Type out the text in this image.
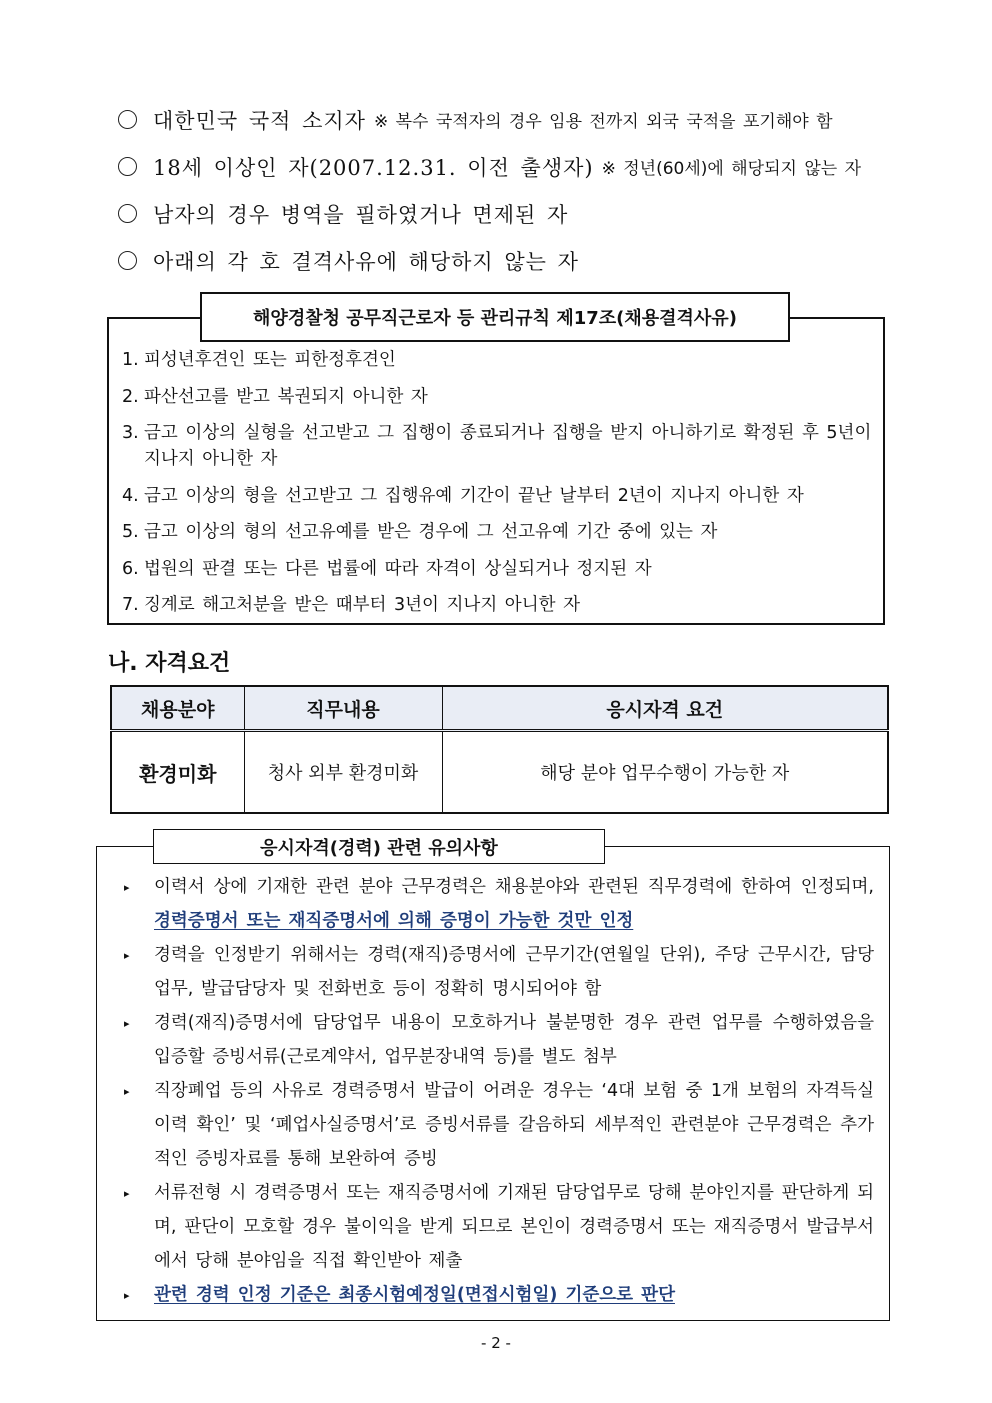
대한민국 국적 소지자 ※ 복수 국적자의 경우 임용 전까지 외국 국적을 포기해야 함
18세 이상인 자(2007.12.31. 이전 출생자) ※ 정년(60세)에 해당되지 않는 자
남자의 경우 병역을 필하였거나 면제된 자
아래의 각 호 결격사유에 해당하지 않는 자
해양경찰청 공무직근로자 등 관리규칙 제17조(채용결격사유)
1. 피성년후견인 또는 피한정후견인
2. 파산선고를 받고 복권되지 아니한 자
3. 금고 이상의 실형을 선고받고 그 집행이 종료되거나 집행을 받지 아니하기로 확정된 후 5년이 지나지 아니한 자
4. 금고 이상의 형을 선고받고 그 집행유예 기간이 끝난 날부터 2년이 지나지 아니한 자
5. 금고 이상의 형의 선고유예를 받은 경우에 그 선고유예 기간 중에 있는 자
6. 법원의 판결 또는 다른 법률에 따라 자격이 상실되거나 정지된 자
7. 징계로 해고처분을 받은 때부터 3년이 지나지 아니한 자
나. 자격요건
채용분야	직무내용	응시자격 요건
환경미화	청사 외부 환경미화	해당 분야 업무수행이 가능한 자
응시자격(경력) 관련 유의사항
▸	이력서 상에 기재한 관련 분야 근무경력은 채용분야와 관련된 직무경력에 한하여 인정되며, 경력증명서 또는 재직증명서에 의해 증명이 가능한 것만 인정
▸	경력을 인정받기 위해서는 경력(재직)증명서에 근무기간(연월일 단위), 주당 근무시간, 담당업무, 발급담당자 및 전화번호 등이 정확히 명시되어야 함
▸	경력(재직)증명서에 담당업무 내용이 모호하거나 불분명한 경우 관련 업무를 수행하였음을 입증할 증빙서류(근로계약서, 업무분장내역 등)를 별도 첨부
▸	직장폐업 등의 사유로 경력증명서 발급이 어려운 경우는 ‘4대 보험 중 1개 보험의 자격득실 이력 확인’ 및 ‘폐업사실증명서’로 증빙서류를 갈음하되 세부적인 관련분야 근무경력은 추가적인 증빙자료를 통해 보완하여 증빙
▸	서류전형 시 경력증명서 또는 재직증명서에 기재된 담당업무로 당해 분야인지를 판단하게 되며, 판단이 모호할 경우 불이익을 받게 되므로 본인이 경력증명서 또는 재직증명서 발급부서에서 당해 분야임을 직접 확인받아 제출
▸	관련 경력 인정 기준은 최종시험예정일(면접시험일) 기준으로 판단
- 2 -
